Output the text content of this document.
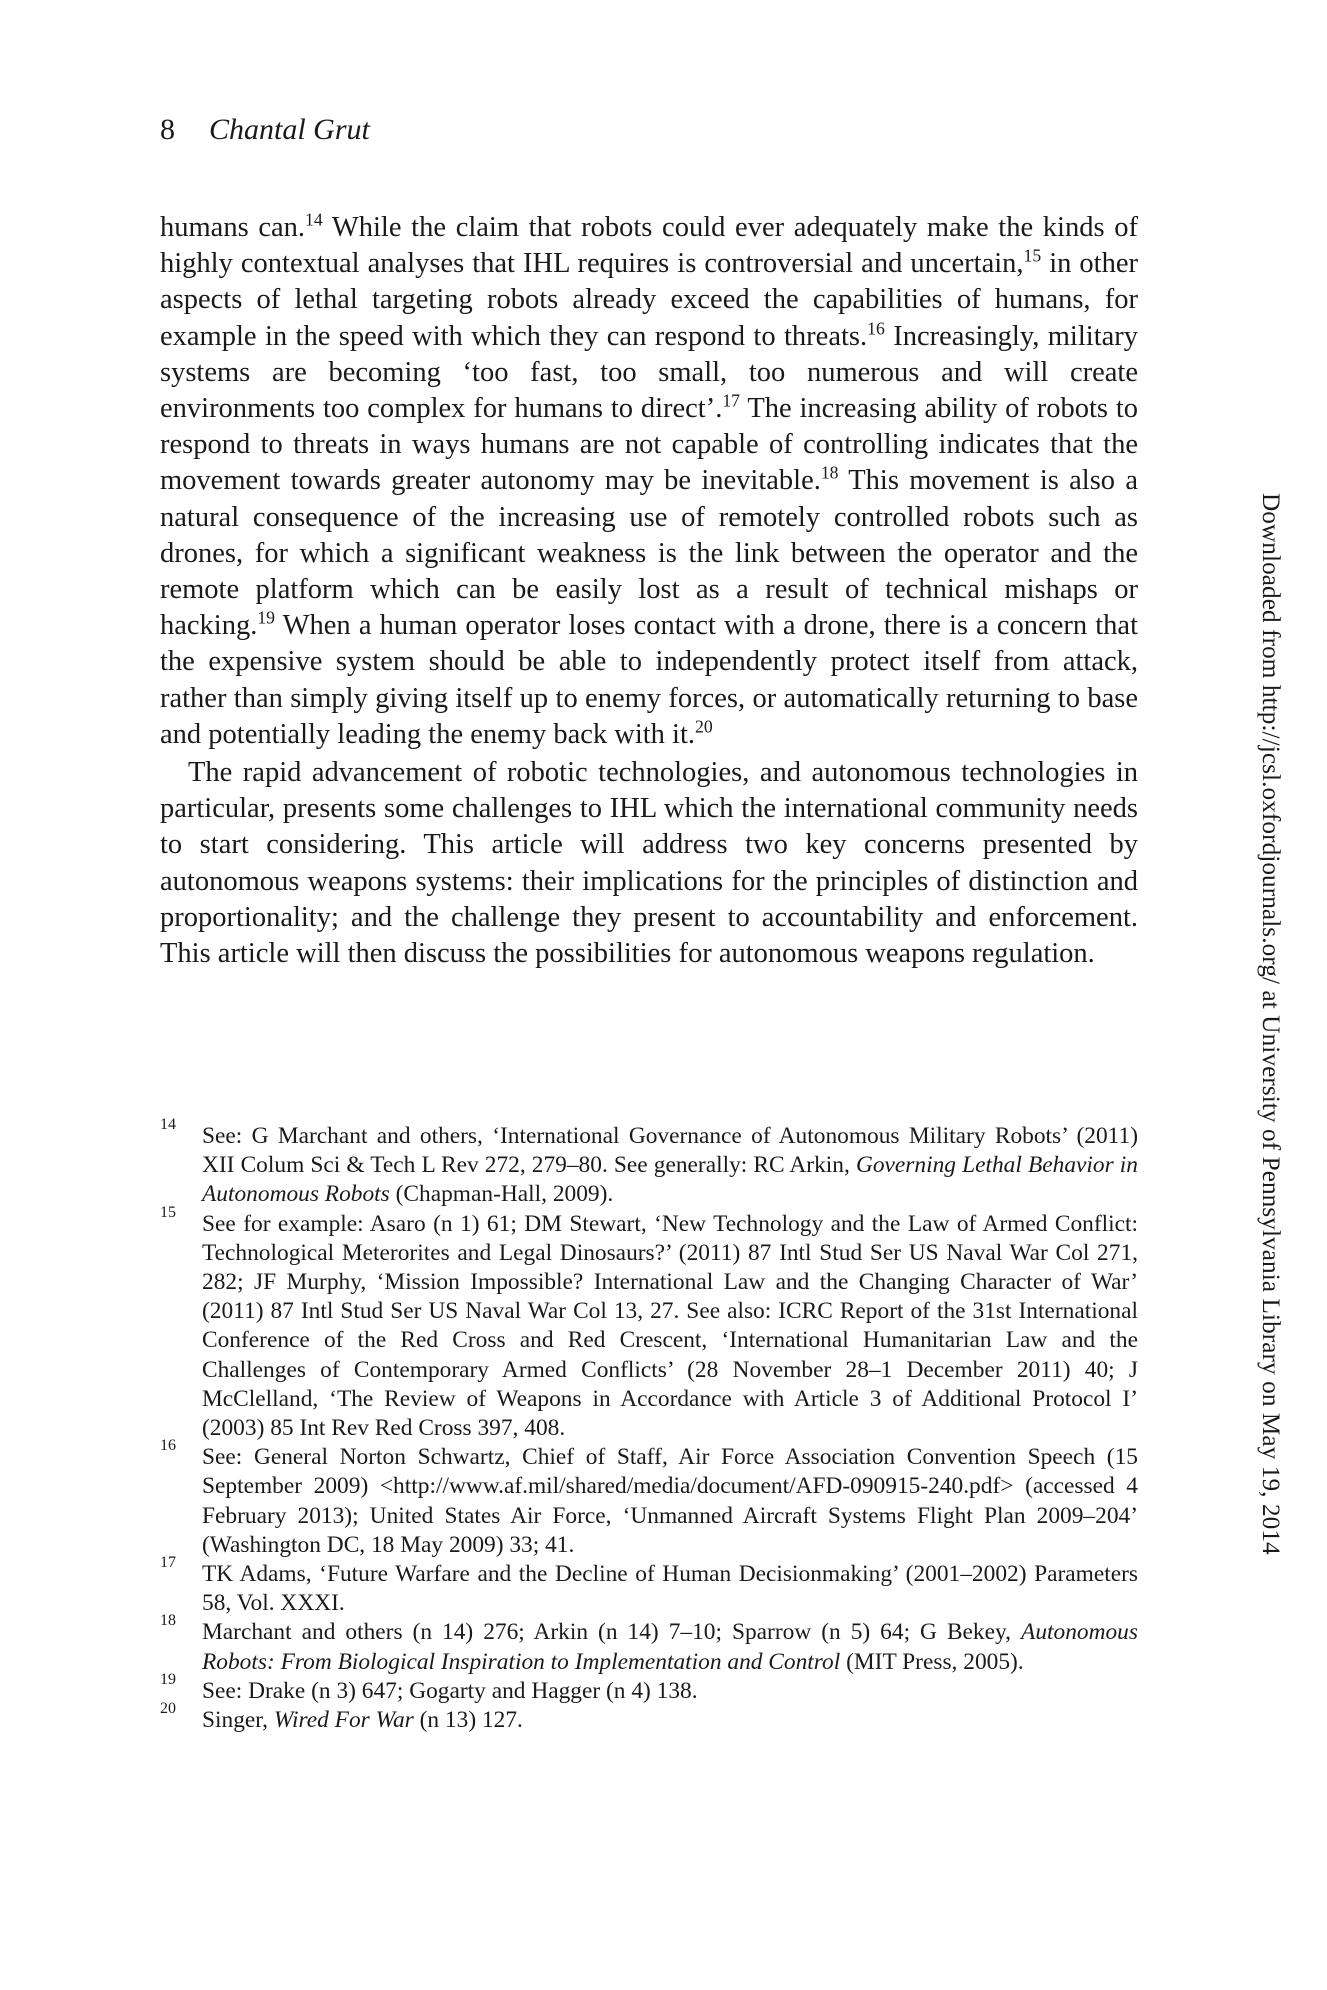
8 Chantal Grut

humans can.$^{14}$ While the claim that robots could ever adequately make the kinds of highly contextual analyses that IHL requires is controversial and uncertain,$^{15}$ in other aspects of lethal targeting robots already exceed the capabilities of humans, for example in the speed with which they can respond to threats.$^{16}$ Increasingly, military systems are becoming ‘too fast, too small, too numerous and will create environments too complex for humans to direct’.$^{17}$ The increasing ability of robots to respond to threats in ways humans are not capable of controlling indicates that the movement towards greater autonomy may be inevitable.$^{18}$ This movement is also a natural consequence of the increasing use of remotely controlled robots such as drones, for which a significant weakness is the link between the operator and the remote platform which can be easily lost as a result of technical mishaps or hacking.$^{19}$ When a human operator loses contact with a drone, there is a concern that the expensive system should be able to independently protect itself from attack, rather than simply giving itself up to enemy forces, or automatically returning to base and potentially leading the enemy back with it.$^{20}$

The rapid advancement of robotic technologies, and autonomous technologies in particular, presents some challenges to IHL which the international community needs to start considering. This article will address two key concerns presented by autonomous weapons systems: their implications for the principles of distinction and proportionality; and the challenge they present to accountability and enforcement. This article will then discuss the possibilities for autonomous weapons regulation.

14 See: G Marchant and others, ‘International Governance of Autonomous Military Robots’ (2011) XII Colum Sci & Tech L Rev 272, 279–80. See generally: RC Arkin, Governing Lethal Behavior in Autonomous Robots (Chapman-Hall, 2009).
15 See for example: Asaro (n 1) 61; DM Stewart, ‘New Technology and the Law of Armed Conflict: Technological Meterorites and Legal Dinosaurs?’ (2011) 87 Intl Stud Ser US Naval War Col 271, 282; JF Murphy, ‘Mission Impossible? International Law and the Changing Character of War’ (2011) 87 Intl Stud Ser US Naval War Col 13, 27. See also: ICRC Report of the 31st International Conference of the Red Cross and Red Crescent, ‘International Humanitarian Law and the Challenges of Contemporary Armed Conflicts’ (28 November 28–1 December 2011) 40; J McClelland, ‘The Review of Weapons in Accordance with Article 3 of Additional Protocol I’ (2003) 85 Int Rev Red Cross 397, 408.
16 See: General Norton Schwartz, Chief of Staff, Air Force Association Convention Speech (15 September 2009) <http://www.af.mil/shared/media/document/AFD-090915-240.pdf> (accessed 4 February 2013); United States Air Force, ‘Unmanned Aircraft Systems Flight Plan 2009–204’ (Washington DC, 18 May 2009) 33; 41.
17 TK Adams, ‘Future Warfare and the Decline of Human Decisionmaking’ (2001–2002) Parameters 58, Vol. XXXI.
18 Marchant and others (n 14) 276; Arkin (n 14) 7–10; Sparrow (n 5) 64; G Bekey, Autonomous Robots: From Biological Inspiration to Implementation and Control (MIT Press, 2005).
19 See: Drake (n 3) 647; Gogarty and Hagger (n 4) 138.
20 Singer, Wired For War (n 13) 127.
Downloaded from http://jcsl.oxfordjournals.org/ at University of Pennsylvania Library on May 19, 2014
